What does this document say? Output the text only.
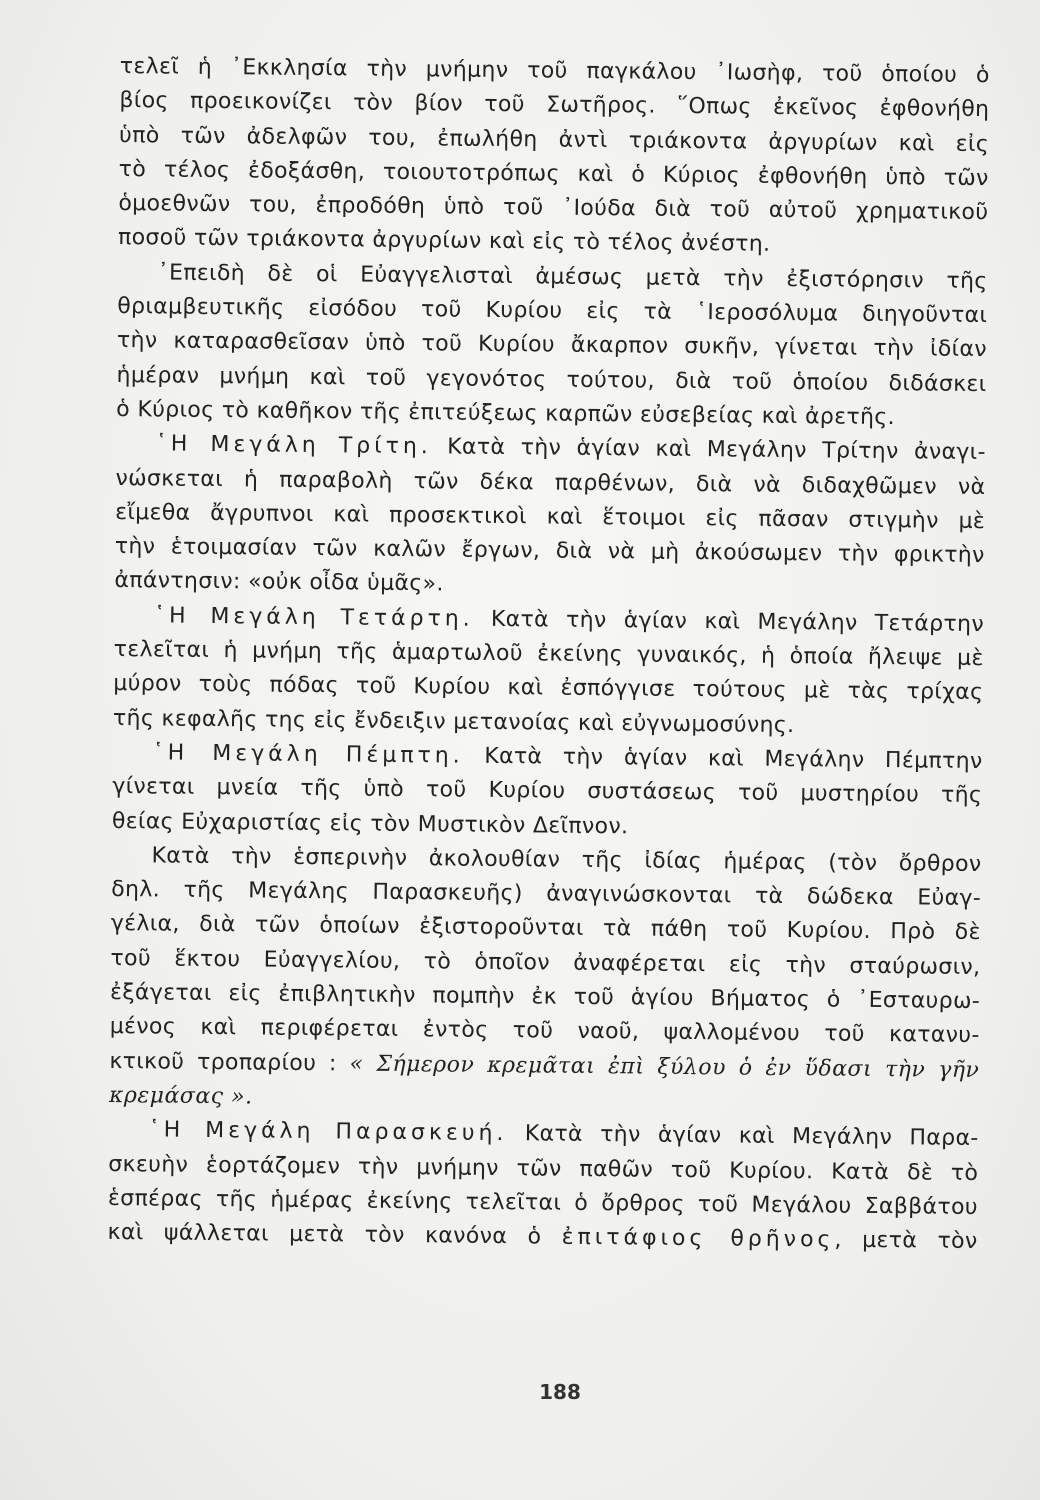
τελεῖ ἡ ᾿Εκκλησία τὴν μνήμην τοῦ παγκάλου ᾿Ιωσὴφ, τοῦ ὁποίου ὁ
βίος προεικονίζει τὸν βίον τοῦ Σωτῆρος. ῞Οπως ἐκεῖνος ἐφθονήθη
ὑπὸ τῶν ἀδελφῶν του, ἐπωλήθη ἀντὶ τριάκοντα ἀργυρίων καὶ εἰς
τὸ τέλος ἐδοξάσθη, τοιουτοτρόπως καὶ ὁ Κύριος ἐφθονήθη ὑπὸ τῶν
ὁμοεθνῶν του, ἐπροδόθη ὑπὸ τοῦ ᾿Ιούδα διὰ τοῦ αὐτοῦ χρηματικοῦ
ποσοῦ τῶν τριάκοντα ἀργυρίων καὶ εἰς τὸ τέλος ἀνέστη.
᾿Επειδὴ δὲ οἱ Εὐαγγελισταὶ ἀμέσως μετὰ τὴν ἐξιστόρησιν τῆς
θριαμβευτικῆς εἰσόδου τοῦ Κυρίου εἰς τὰ ῾Ιεροσόλυμα διηγοῦνται
τὴν καταρασθεῖσαν ὑπὸ τοῦ Κυρίου ἄκαρπον συκῆν, γίνεται τὴν ἰδίαν
ἡμέραν μνήμη καὶ τοῦ γεγονότος τούτου, διὰ τοῦ ὁποίου διδάσκει
ὁ Κύριος τὸ καθῆκον τῆς ἐπιτεύξεως καρπῶν εὐσεβείας καὶ ἀρετῆς.
῾Η Μεγάλη Τρίτη. Κατὰ τὴν ἁγίαν καὶ Μεγάλην Τρίτην ἀναγι-
νώσκεται ἡ παραβολὴ τῶν δέκα παρθένων, διὰ νὰ διδαχθῶμεν νὰ
εἴμεθα ἄγρυπνοι καὶ προσεκτικοὶ καὶ ἕτοιμοι εἰς πᾶσαν στιγμὴν μὲ
τὴν ἑτοιμασίαν τῶν καλῶν ἔργων, διὰ νὰ μὴ ἀκούσωμεν τὴν φρικτὴν
ἀπάντησιν: «οὐκ οἶδα ὑμᾶς».
῾Η Μεγάλη Τετάρτη. Κατὰ τὴν ἁγίαν καὶ Μεγάλην Τετάρτην
τελεῖται ἡ μνήμη τῆς ἁμαρτωλοῦ ἐκείνης γυναικός, ἡ ὁποία ἤλειψε μὲ
μύρον τοὺς πόδας τοῦ Κυρίου καὶ ἐσπόγγισε τούτους μὲ τὰς τρίχας
τῆς κεφαλῆς της εἰς ἔνδειξιν μετανοίας καὶ εὐγνωμοσύνης.
῾Η Μεγάλη Πέμπτη. Κατὰ τὴν ἁγίαν καὶ Μεγάλην Πέμπτην
γίνεται μνεία τῆς ὑπὸ τοῦ Κυρίου συστάσεως τοῦ μυστηρίου τῆς
θείας Εὐχαριστίας εἰς τὸν Μυστικὸν Δεῖπνον.
Κατὰ τὴν ἑσπερινὴν ἀκολουθίαν τῆς ἰδίας ἡμέρας (τὸν ὄρθρον
δηλ. τῆς Μεγάλης Παρασκευῆς) ἀναγινώσκονται τὰ δώδεκα Εὐαγ-
γέλια, διὰ τῶν ὁποίων ἐξιστοροῦνται τὰ πάθη τοῦ Κυρίου. Πρὸ δὲ
τοῦ ἕκτου Εὐαγγελίου, τὸ ὁποῖον ἀναφέρεται εἰς τὴν σταύρωσιν,
ἐξάγεται εἰς ἐπιβλητικὴν πομπὴν ἐκ τοῦ ἁγίου Βήματος ὁ ᾿Εσταυρω-
μένος καὶ περιφέρεται ἐντὸς τοῦ ναοῦ, ψαλλομένου τοῦ κατανυ-
κτικοῦ τροπαρίου : « Σήμερον κρεμᾶται ἐπὶ ξύλου ὁ ἐν ὕδασι τὴν γῆν
κρεμάσας ».
῾Η Μεγάλη Παρασκευή. Κατὰ τὴν ἁγίαν καὶ Μεγάλην Παρα-
σκευὴν ἑορτάζομεν τὴν μνήμην τῶν παθῶν τοῦ Κυρίου. Κατὰ δὲ τὸ
ἑσπέρας τῆς ἡμέρας ἐκείνης τελεῖται ὁ ὄρθρος τοῦ Μεγάλου Σαββάτου
καὶ ψάλλεται μετὰ τὸν κανόνα ὁ ἐπιτάφιος θρῆνος, μετὰ τὸν
188
